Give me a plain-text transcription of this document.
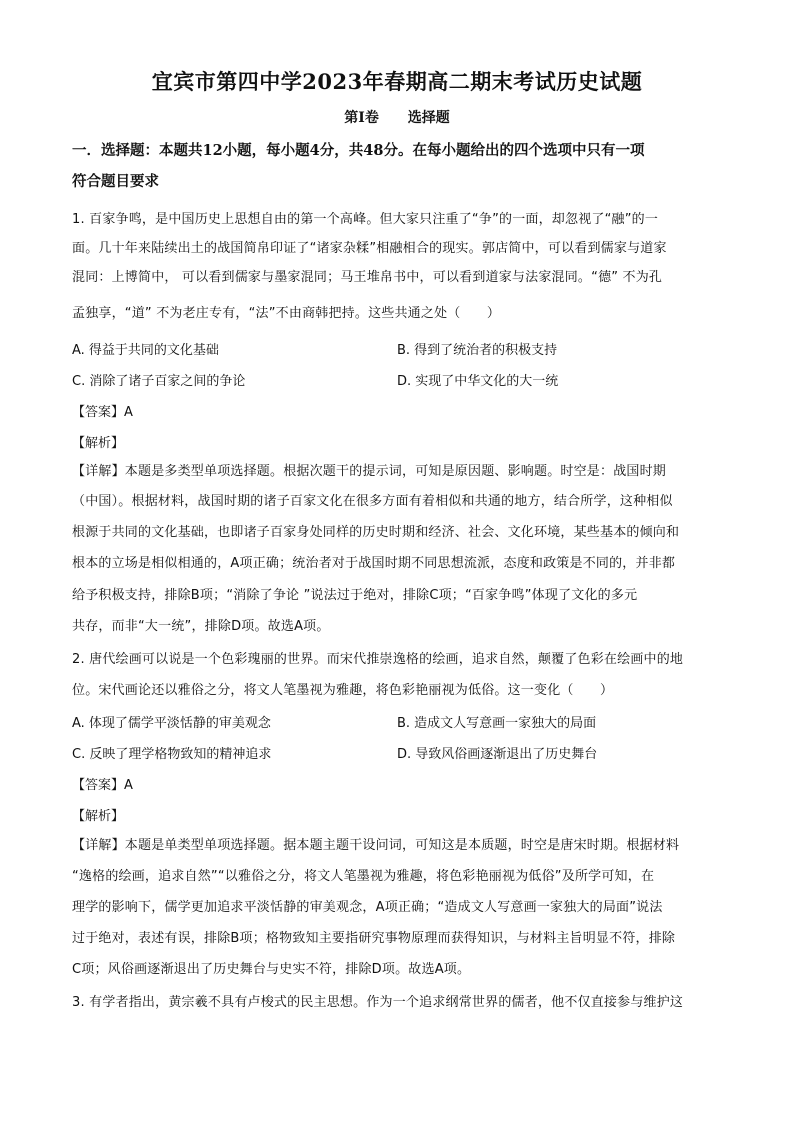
宜宾市第四中学2023年春期高二期末考试历史试题
第I卷 选择题
一．选择题：本题共12小题，每小题4分，共48分。在每小题给出的四个选项中只有一项
符合题目要求
1. 百家争鸣，是中国历史上思想自由的第一个高峰。但大家只注重了“争”的一面，却忽视了“融”的一
面。几十年来陆续出土的战国简帛印证了“诸家杂糅”相融相合的现实。郭店简中，可以看到儒家与道家
混同：上博简中， 可以看到儒家与墨家混同；马王堆帛书中，可以看到道家与法家混同。“德” 不为孔
孟独享，“道” 不为老庄专有，“法”不由商韩把持。这些共通之处（　　）
A. 得益于共同的文化基础	B. 得到了统治者的积极支持
C. 消除了诸子百家之间的争论	D. 实现了中华文化的大一统
【答案】A
【解析】
【详解】本题是多类型单项选择题。根据次题干的提示词，可知是原因题、影响题。时空是：战国时期
（中国）。根据材料，战国时期的诸子百家文化在很多方面有着相似和共通的地方，结合所学，这种相似
根源于共同的文化基础，也即诸子百家身处同样的历史时期和经济、社会、文化环境，某些基本的倾向和
根本的立场是相似相通的，A项正确；统治者对于战国时期不同思想流派，态度和政策是不同的，并非都
给予积极支持，排除B项；“消除了争论 ”说法过于绝对，排除C项；“百家争鸣”体现了文化的多元
共存，而非“大一统”，排除D项。故选A项。
2. 唐代绘画可以说是一个色彩瑰丽的世界。而宋代推崇逸格的绘画，追求自然，颠覆了色彩在绘画中的地
位。宋代画论还以雅俗之分，将文人笔墨视为雅趣，将色彩艳丽视为低俗。这一变化（　　）
A. 体现了儒学平淡恬静的审美观念	B. 造成文人写意画一家独大的局面
C. 反映了理学格物致知的精神追求	D. 导致风俗画逐渐退出了历史舞台
【答案】A
【解析】
【详解】本题是单类型单项选择题。据本题主题干设问词，可知这是本质题，时空是唐宋时期。根据材料
“逸格的绘画，追求自然”“以雅俗之分，将文人笔墨视为雅趣，将色彩艳丽视为低俗”及所学可知，在
理学的影响下，儒学更加追求平淡恬静的审美观念，A项正确；“造成文人写意画一家独大的局面”说法
过于绝对，表述有误，排除B项；格物致知主要指研究事物原理而获得知识，与材料主旨明显不符，排除
C项；风俗画逐渐退出了历史舞台与史实不符，排除D项。故选A项。
3. 有学者指出，黄宗羲不具有卢梭式的民主思想。作为一个追求纲常世界的儒者，他不仅直接参与维护这
